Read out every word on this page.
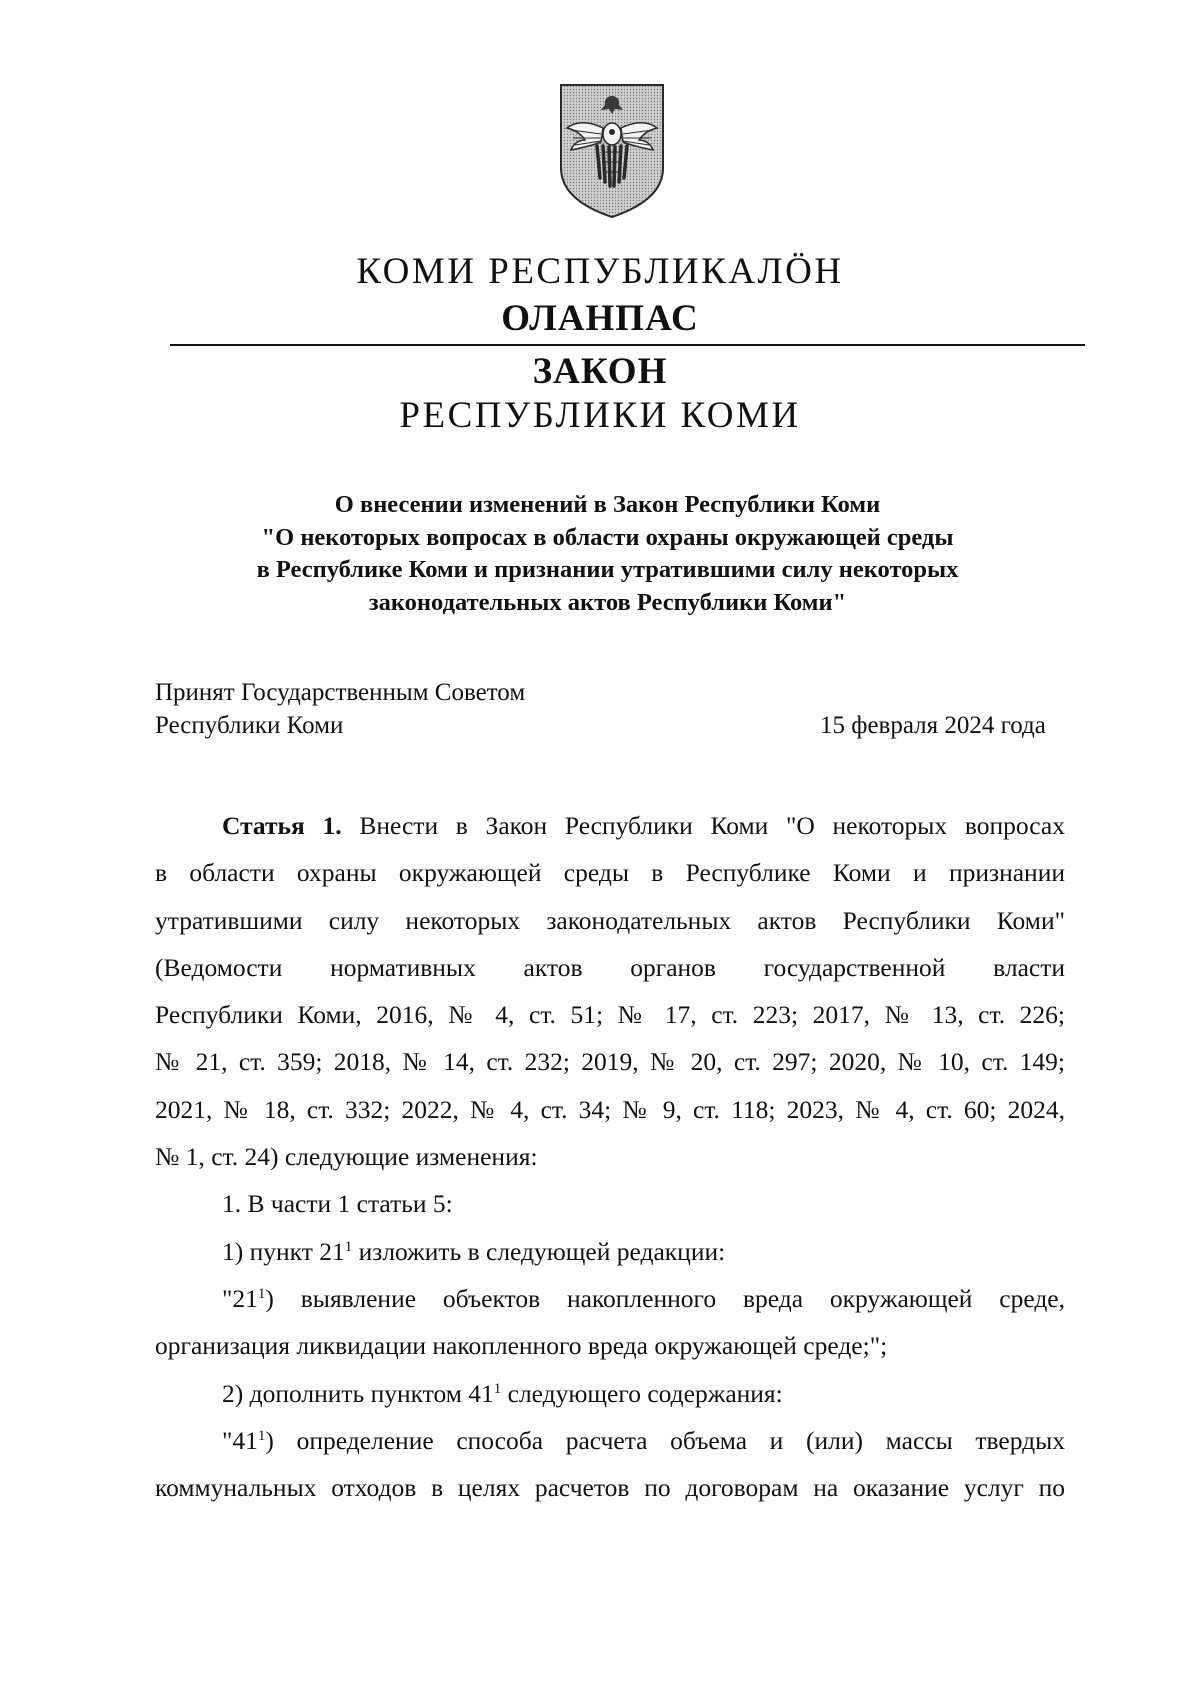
КОМИ РЕСПУБЛИКАЛӦН
ОЛАНПАС
ЗАКОН
РЕСПУБЛИКИ КОМИ
О внесении изменений в Закон Республики Коми
"О некоторых вопросах в области охраны окружающей среды
в Республике Коми и признании утратившими силу некоторых
законодательных актов Республики Коми"
Принят Государственным Советом
Республики Коми	15 февраля 2024 года
Статья 1. Внести в Закон Республики Коми "О некоторых вопросах
в области охраны окружающей среды в Республике Коми и признании
утратившими силу некоторых законодательных актов Республики Коми"
(Ведомости нормативных актов органов государственной власти
Республики Коми, 2016, № 4, ст. 51; № 17, ст. 223; 2017, № 13, ст. 226;
№ 21, ст. 359; 2018, № 14, ст. 232; 2019, № 20, ст. 297; 2020, № 10, ст. 149;
2021, № 18, ст. 332; 2022, № 4, ст. 34; № 9, ст. 118; 2023, № 4, ст. 60; 2024,
№ 1, ст. 24) следующие изменения:
1. В части 1 статьи 5:
1) пункт $21^1$ изложить в следующей редакции:
"$21^1$) выявление объектов накопленного вреда окружающей среде,
организация ликвидации накопленного вреда окружающей среде;";
2) дополнить пунктом $41^1$ следующего содержания:
"$41^1$) определение способа расчета объема и (или) массы твердых
коммунальных отходов в целях расчетов по договорам на оказание услуг по
